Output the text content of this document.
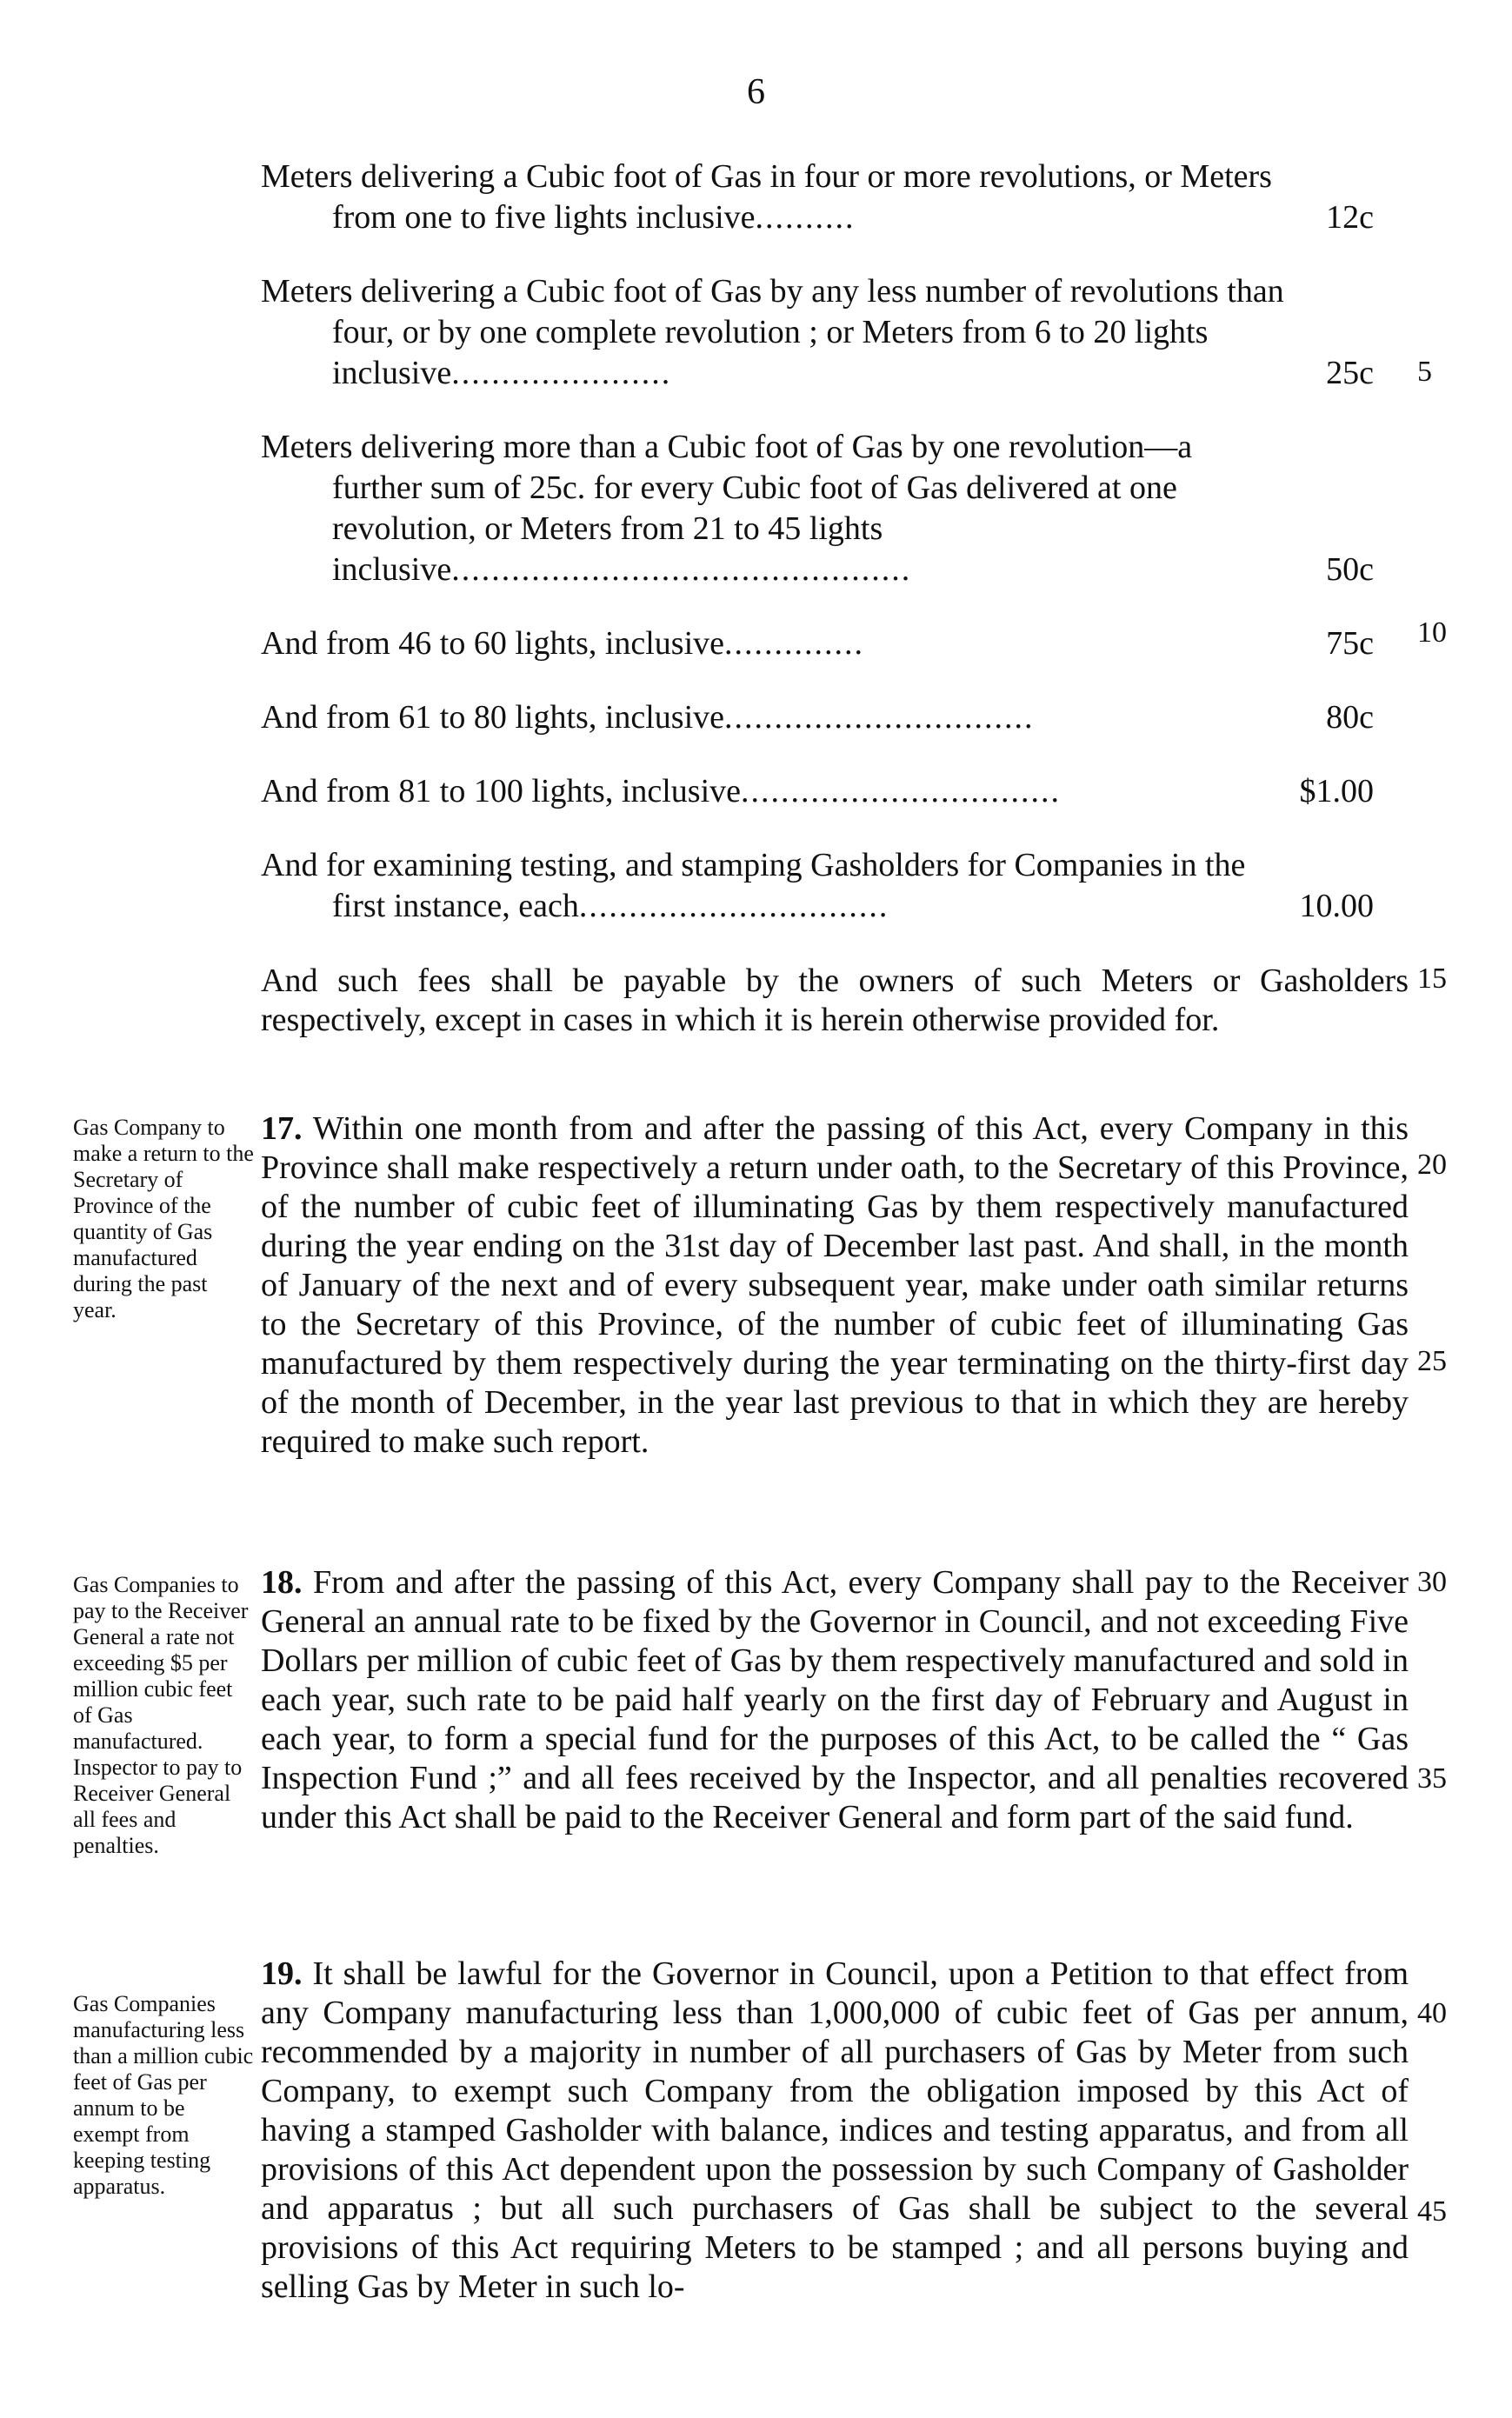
6
Meters delivering a Cubic foot of Gas in four or more revolutions, or Meters from one to five lights inclusive..........	12c
Meters delivering a Cubic foot of Gas by any less number of revolutions than four, or by one complete revolution ; or Meters from 6 to 20 lights inclusive......................	25c
Meters delivering more than a Cubic foot of Gas by one revolution—a further sum of 25c. for every Cubic foot of Gas delivered at one revolution, or Meters from 21 to 45 lights inclusive..............................................	50c
And from 46 to 60 lights, inclusive..............	75c
And from 61 to 80 lights, inclusive...............................	80c
And from 81 to 100 lights, inclusive................................	$1.00
And for examining testing, and stamping Gasholders for Companies in the first instance, each...............................	10.00

And such fees shall be payable by the owners of such Meters or Gasholders respectively, except in cases in which it is herein otherwise provided for.

Gas Company to make a return to the Secretary of Province of the quantity of Gas manufactured during the past year.

17. Within one month from and after the passing of this Act, every Company in this Province shall make respectively a return under oath, to the Secretary of this Province, of the number of cubic feet of illuminating Gas by them respectively manufactured during the year ending on the 31st day of December last past. And shall, in the month of January of the next and of every subsequent year, make under oath similar returns to the Secretary of this Province, of the number of cubic feet of illuminating Gas manufactured by them respectively during the year terminating on the thirty-first day of the month of December, in the year last previous to that in which they are hereby required to make such report.

Gas Companies to pay to the Receiver General a rate not exceeding $5 per million cubic feet of Gas manufactured. Inspector to pay to Receiver General all fees and penalties.

18. From and after the passing of this Act, every Company shall pay to the Receiver General an annual rate to be fixed by the Governor in Council, and not exceeding Five Dollars per million of cubic feet of Gas by them respectively manufactured and sold in each year, such rate to be paid half yearly on the first day of February and August in each year, to form a special fund for the purposes of this Act, to be called the “ Gas Inspection Fund ;” and all fees received by the Inspector, and all penalties recovered under this Act shall be paid to the Receiver General and form part of the said fund.

Gas Companies manufacturing less than a million cubic feet of Gas per annum to be exempt from keeping testing apparatus.

19. It shall be lawful for the Governor in Council, upon a Petition to that effect from any Company manufacturing less than 1,000,000 of cubic feet of Gas per annum, recommended by a majority in number of all purchasers of Gas by Meter from such Company, to exempt such Company from the obligation imposed by this Act of having a stamped Gasholder with balance, indices and testing apparatus, and from all provisions of this Act dependent upon the possession by such Company of Gasholder and apparatus ; but all such purchasers of Gas shall be subject to the several provisions of this Act requiring Meters to be stamped ; and all persons buying and selling Gas by Meter in such lo-

5
10
15
20
25
30
35
40
45
